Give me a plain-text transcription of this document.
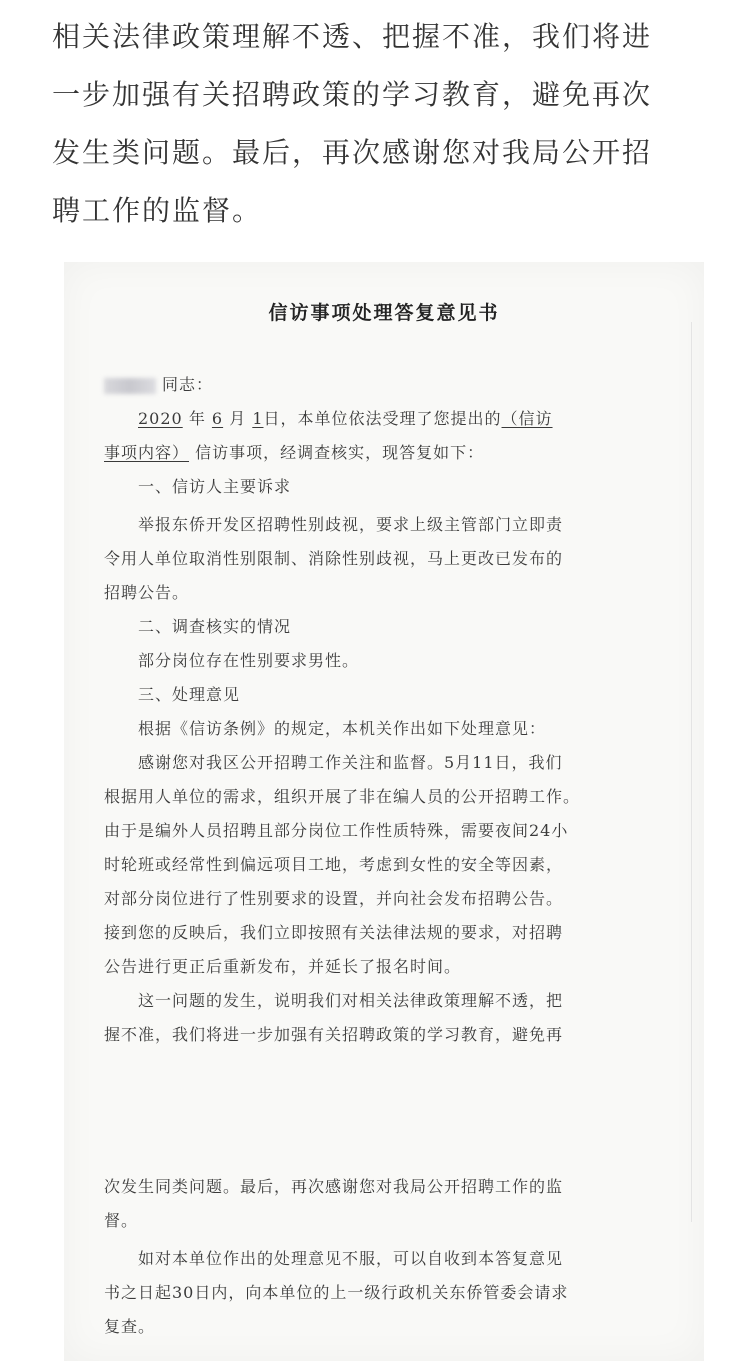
相关法律政策理解不透、把握不准，我们将进
一步加强有关招聘政策的学习教育，避免再次
发生类问题。最后，再次感谢您对我局公开招
聘工作的监督。
信访事项处理答复意见书
同志：
2020 年 6 月 1日，本单位依法受理了您提出的（信访
事项内容） 信访事项，经调查核实，现答复如下：
一、信访人主要诉求
举报东侨开发区招聘性别歧视，要求上级主管部门立即责
令用人单位取消性别限制、消除性别歧视，马上更改已发布的
招聘公告。
二、调查核实的情况
部分岗位存在性别要求男性。
三、处理意见
根据《信访条例》的规定，本机关作出如下处理意见：
感谢您对我区公开招聘工作关注和监督。5月11日，我们
根据用人单位的需求，组织开展了非在编人员的公开招聘工作。
由于是编外人员招聘且部分岗位工作性质特殊，需要夜间24小
时轮班或经常性到偏远项目工地，考虑到女性的安全等因素，
对部分岗位进行了性别要求的设置，并向社会发布招聘公告。
接到您的反映后，我们立即按照有关法律法规的要求，对招聘
公告进行更正后重新发布，并延长了报名时间。
这一问题的发生，说明我们对相关法律政策理解不透，把
握不准，我们将进一步加强有关招聘政策的学习教育，避免再
次发生同类问题。最后，再次感谢您对我局公开招聘工作的监
督。
如对本单位作出的处理意见不服，可以自收到本答复意见
书之日起30日内，向本单位的上一级行政机关东侨管委会请求
复查。
